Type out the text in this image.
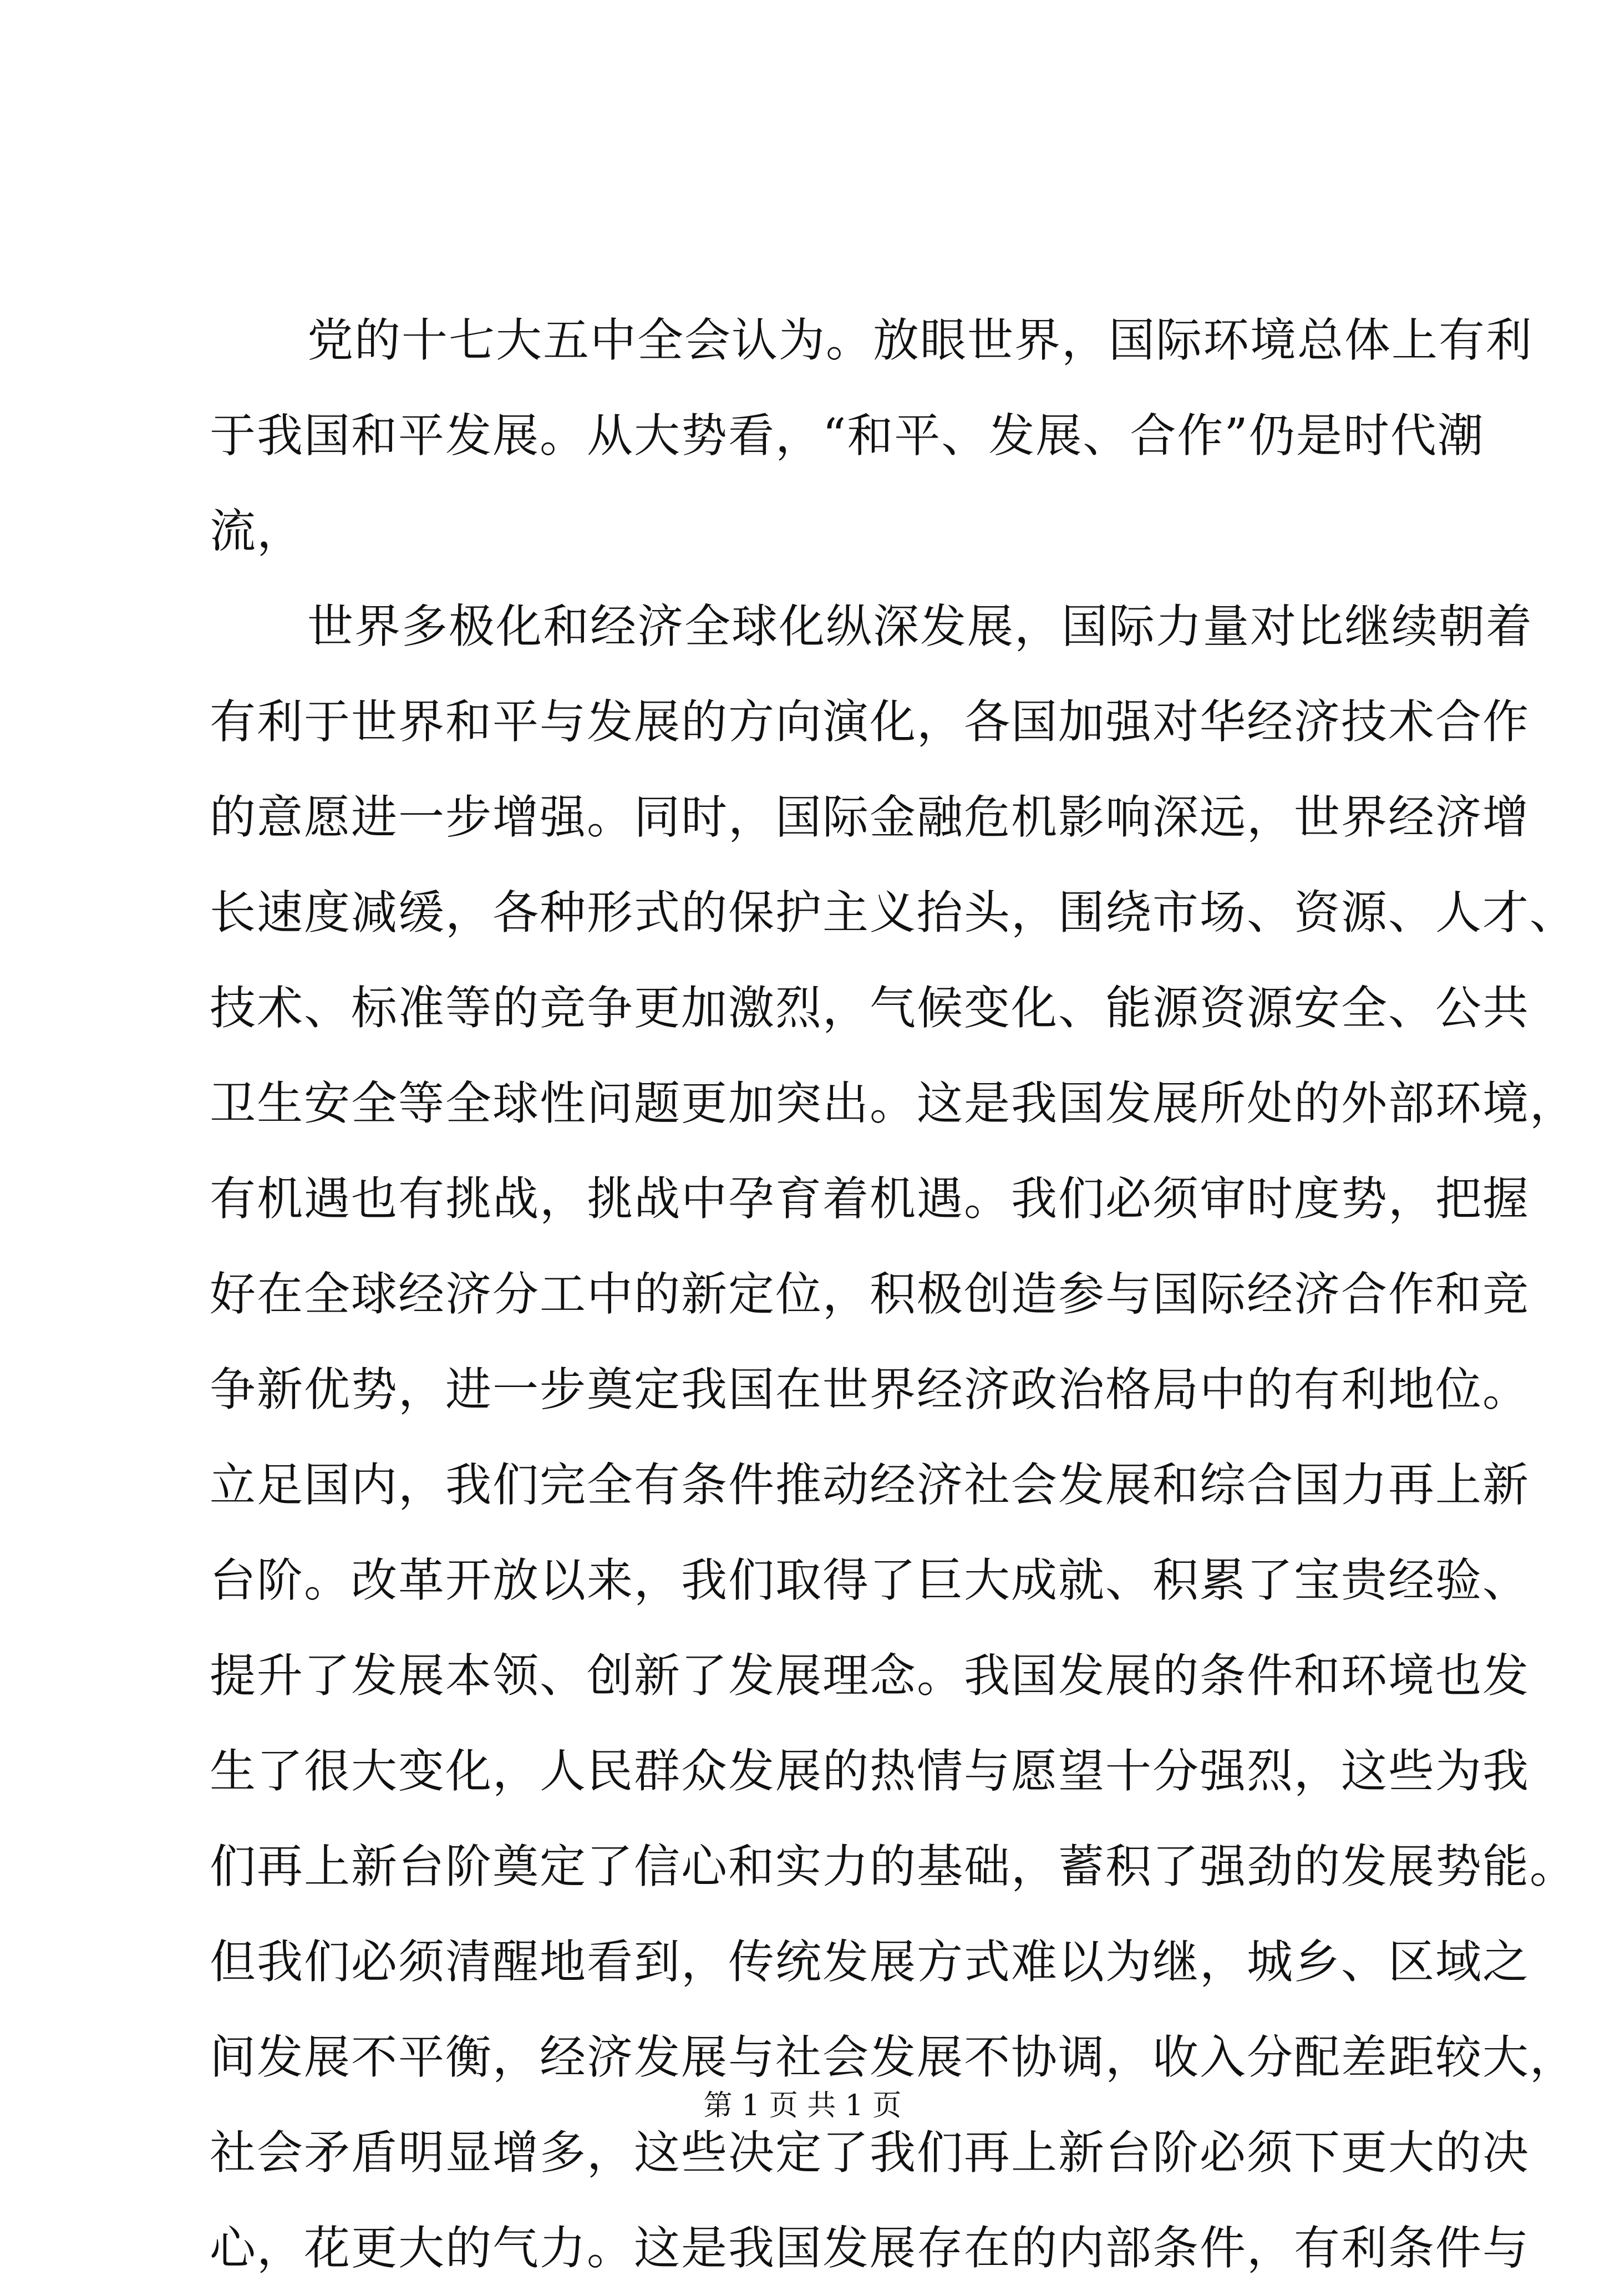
党的十七大五中全会认为。放眼世界，国际环境总体上有利
于我国和平发展。从大势看，“和平、发展、合作”仍是时代潮
流，
世界多极化和经济全球化纵深发展，国际力量对比继续朝着
有利于世界和平与发展的方向演化，各国加强对华经济技术合作
的意愿进一步增强。同时，国际金融危机影响深远，世界经济增
长速度减缓，各种形式的保护主义抬头，围绕市场、资源、人才、
技术、标准等的竞争更加激烈，气候变化、能源资源安全、公共
卫生安全等全球性问题更加突出。这是我国发展所处的外部环境，
有机遇也有挑战，挑战中孕育着机遇。我们必须审时度势，把握
好在全球经济分工中的新定位，积极创造参与国际经济合作和竞
争新优势，进一步奠定我国在世界经济政治格局中的有利地位。
立足国内，我们完全有条件推动经济社会发展和综合国力再上新
台阶。改革开放以来，我们取得了巨大成就、积累了宝贵经验、
提升了发展本领、创新了发展理念。我国发展的条件和环境也发
生了很大变化，人民群众发展的热情与愿望十分强烈，这些为我
们再上新台阶奠定了信心和实力的基础，蓄积了强劲的发展势能。
但我们必须清醒地看到，传统发展方式难以为继，城乡、区域之
间发展不平衡，经济发展与社会发展不协调，收入分配差距较大，
社会矛盾明显增多，这些决定了我们再上新台阶必须下更大的决
心，花更大的气力。这是我国发展存在的内部条件，有利条件与
第 1 页 共 1 页
